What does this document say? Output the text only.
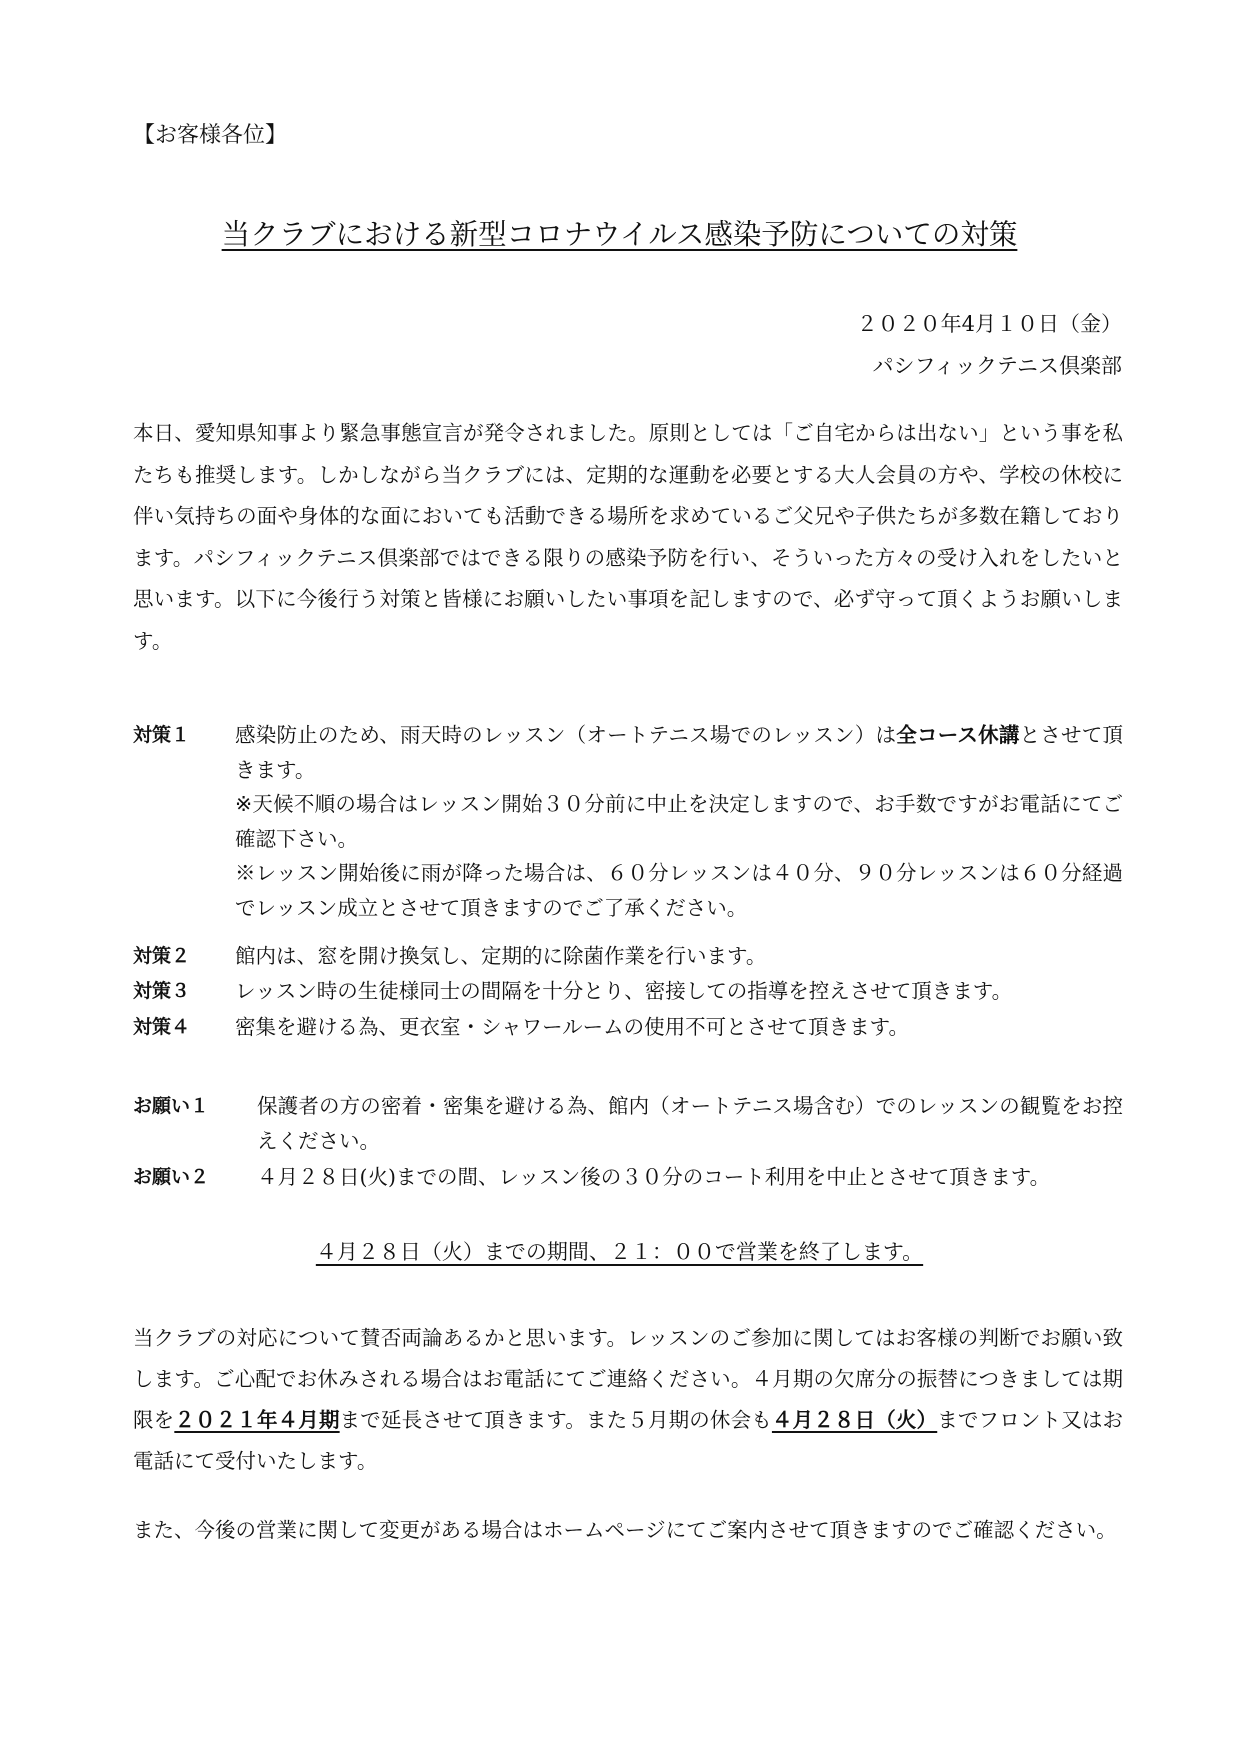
【お客様各位】
当クラブにおける新型コロナウイルス感染予防についての対策
２０２０年4月１０日（金）
パシフィックテニス倶楽部
本日、愛知県知事より緊急事態宣言が発令されました。原則としては「ご自宅からは出ない」という事を私たちも推奨します。しかしながら当クラブには、定期的な運動を必要とする大人会員の方や、学校の休校に伴い気持ちの面や身体的な面においても活動できる場所を求めているご父兄や子供たちが多数在籍しております。パシフィックテニス倶楽部ではできる限りの感染予防を行い、そういった方々の受け入れをしたいと思います。以下に今後行う対策と皆様にお願いしたい事項を記しますので、必ず守って頂くようお願いします。
対策１ 感染防止のため、雨天時のレッスン（オートテニス場でのレッスン）は全コース休講とさせて頂きます。
※天候不順の場合はレッスン開始３０分前に中止を決定しますので、お手数ですがお電話にてご確認下さい。
※レッスン開始後に雨が降った場合は、６０分レッスンは４０分、９０分レッスンは６０分経過でレッスン成立とさせて頂きますのでご了承ください。
対策２ 館内は、窓を開け換気し、定期的に除菌作業を行います。
対策３ レッスン時の生徒様同士の間隔を十分とり、密接しての指導を控えさせて頂きます。
対策４ 密集を避ける為、更衣室・シャワールームの使用不可とさせて頂きます。
お願い１ 保護者の方の密着・密集を避ける為、館内（オートテニス場含む）でのレッスンの観覧をお控えください。
お願い２ ４月２８日(火)までの間、レッスン後の３０分のコート利用を中止とさせて頂きます。
４月２８日（火）までの期間、２１：００で営業を終了します。
当クラブの対応について賛否両論あるかと思います。レッスンのご参加に関してはお客様の判断でお願い致します。ご心配でお休みされる場合はお電話にてご連絡ください。４月期の欠席分の振替につきましては期限を２０２１年４月期まで延長させて頂きます。また５月期の休会も４月２８日（火）までフロント又はお電話にて受付いたします。
また、今後の営業に関して変更がある場合はホームページにてご案内させて頂きますのでご確認ください。
